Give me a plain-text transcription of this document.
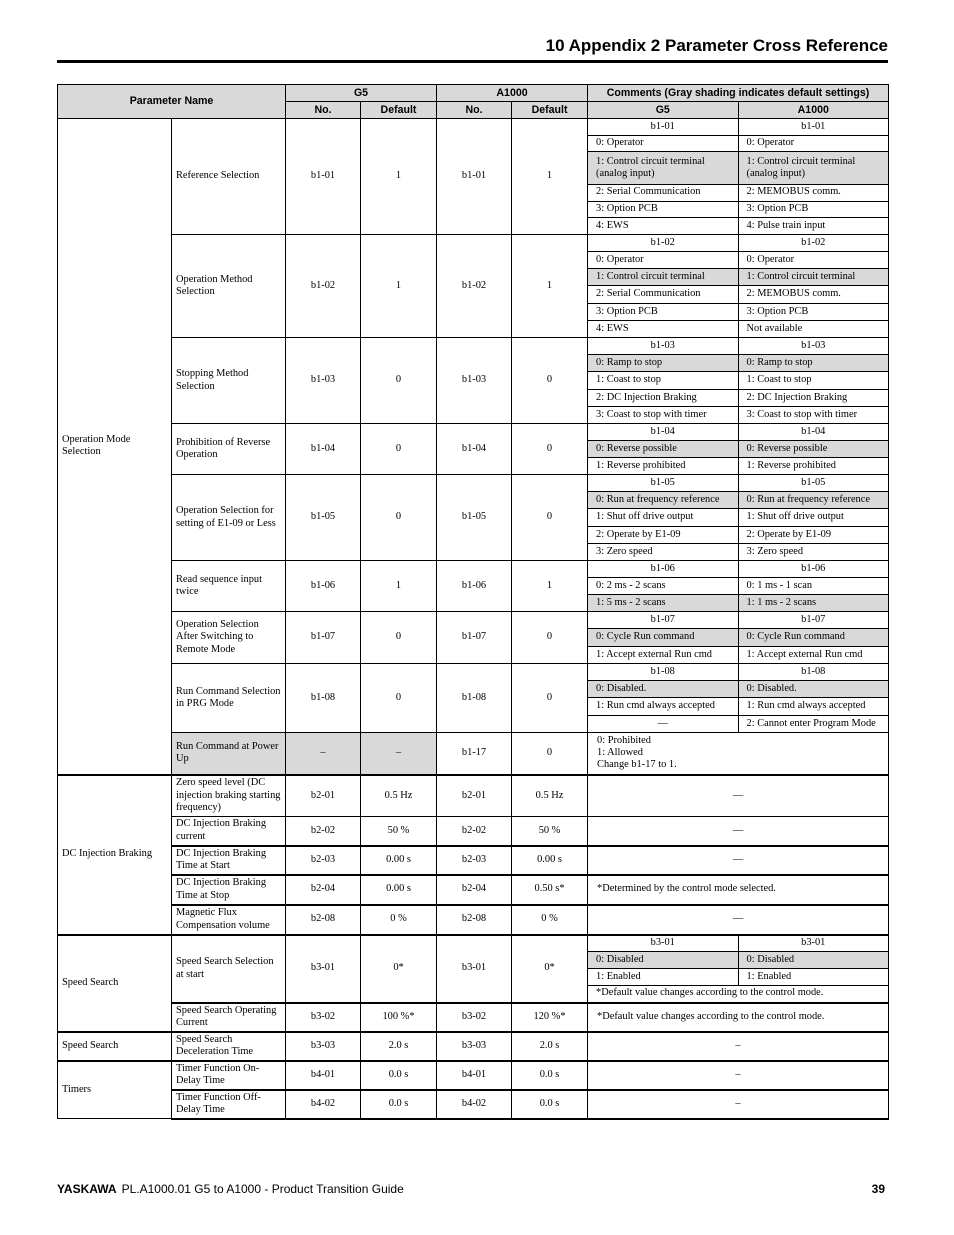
10 Appendix 2 Parameter Cross Reference
Parameter Name	G5	A1000	Comments (Gray shading indicates default settings)
No.	Default	No.	Default		G5	A1000

Operation Mode Selection	Reference Selection	b1-01	1	b1-01	1	
b1-01	b1-01
0: Operator	0: Operator
1: Control circuit terminal (analog input)	1: Control circuit terminal (analog input)
2: Serial Communication	2: MEMOBUS comm.
3: Option PCB	3: Option PCB
4: EWS	4: Pulse train input

Operation Method Selection	b1-02	1	b1-02	1	
b1-02	b1-02
0: Operator	0: Operator
1: Control circuit terminal	1: Control circuit terminal
2: Serial Communication	2: MEMOBUS comm.
3: Option PCB	3: Option PCB
4: EWS	Not available

Stopping Method Selection	b1-03	0	b1-03	0	
b1-03	b1-03
0: Ramp to stop	0: Ramp to stop
1: Coast to stop	1: Coast to stop
2: DC Injection Braking	2: DC Injection Braking
3: Coast to stop with timer	3: Coast to stop with timer

Prohibition of Reverse Operation	b1-04	0	b1-04	0	
b1-04	b1-04
0: Reverse possible	0: Reverse possible
1: Reverse prohibited	1: Reverse prohibited

Operation Selection for setting of E1-09 or Less	b1-05	0	b1-05	0	
b1-05	b1-05
0: Run at frequency reference	0: Run at frequency reference
1: Shut off drive output	1: Shut off drive output
2: Operate by E1-09	2: Operate by E1-09
3: Zero speed	3: Zero speed

Read sequence input twice	b1-06	1	b1-06	1	
b1-06	b1-06
0: 2 ms - 2 scans	0: 1 ms - 1 scan
1: 5 ms - 2 scans	1: 1 ms - 2 scans

Operation Selection After Switching to Remote Mode	b1-07	0	b1-07	0	
b1-07	b1-07
0: Cycle Run command	0: Cycle Run command
1: Accept external Run cmd	1: Accept external Run cmd

Run Command Selection in PRG Mode	b1-08	0	b1-08	0	
b1-08	b1-08
0: Disabled.	0: Disabled.
1: Run cmd always accepted	1: Run cmd always accepted
—	2: Cannot enter Program Mode

Run Command at Power Up	–	–	b1-17	0	
0: Prohibited
1: Allowed
Change b1-17 to 1.

DC Injection Braking	Zero speed level (DC injection braking starting frequency)	b2-01	0.5 Hz	b2-01	0.5 Hz	—
DC Injection Braking current	b2-02	50 %	b2-02	50 %	—
DC Injection Braking Time at Start	b2-03	0.00 s	b2-03	0.00 s	—
DC Injection Braking Time at Stop	b2-04	0.00 s	b2-04	0.50 s*	*Determined by the control mode selected.
Magnetic Flux Compensation volume	b2-08	0 %	b2-08	0 %	—
Speed Search	Speed Search Selection at start	b3-01	0*	b3-01	0*	
b3-01	b3-01
0: Disabled	0: Disabled
1: Enabled	1: Enabled
*Default value changes according to the control mode.

Speed Search Operating Current	b3-02	100 %*	b3-02	120 %*	*Default value changes according to the control mode.
Speed Search	Speed Search Deceleration Time	b3-03	2.0 s	b3-03	2.0 s	–
Timers	Timer Function On-Delay Time	b4-01	0.0 s	b4-01	0.0 s	–
Timer Function Off-Delay Time	b4-02	0.0 s	b4-02	0.0 s	–
YASKAWA PL.A1000.01 G5 to A1000 - Product Transition Guide	39
